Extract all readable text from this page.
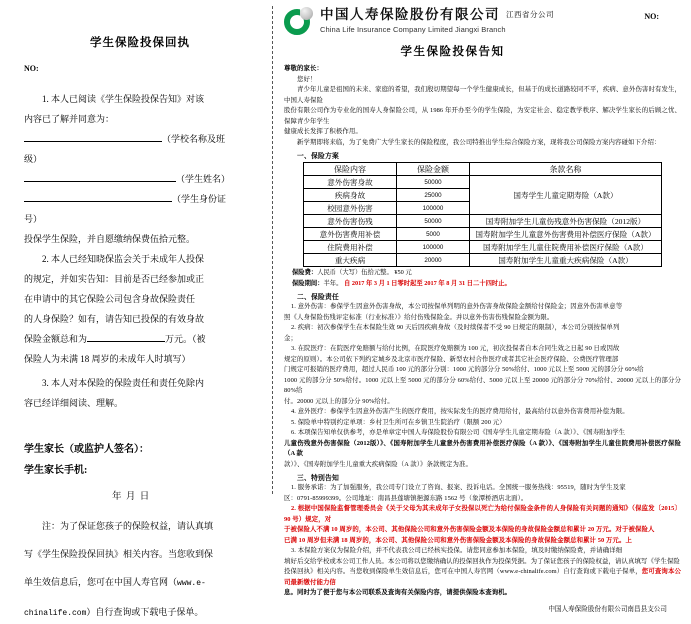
学生保险投保回执
NO:
1. 本人已阅读《学生保险投保告知》对该
内容已了解并同意为：
（学校名称及班
级）
（学生姓名）
（学生身份证
号）
投保学生保险，并自愿缴纳保费伍拾元整。
2. 本人已经知晓保监会关于未成年人投保
的规定，并如实告知：目前是否已经参加或正
在申请中的其它保险公司包含身故保险责任
的人身保险？如有，请告知已投保的有效身故
保险金额总和为	万元。（被
保险人为未满 18 周岁的未成年人时填写）
3. 本人对本保险的保险责任和责任免除内
容已经详细阅读、理解。
学生家长（或监护人签名）：
学生家长手机:
年 月 日
注：为了保证您孩子的保险权益，请认真填
写《学生保险投保回执》相关内容。当您收到保
单生效信息后，您可在中国人寿官网（www.e-
chinalife.com）自行查询或下载电子保单。
中国人寿保险股份有限公司 江西省分公司
China Life Insurance Company Limited Jiangxi Branch
NO:
学生保险投保告知
尊敬的家长：
您好！
青少年儿童是祖国的未来、家庭的希望，我们殷切期望每一个学生健康成长，但基于的成长道路较同不平，疾病、意外伤害时有发生，中国人寿保险
股份有限公司作为专业化的国寿人身保险公司，从 1986 年开办至今的学生保险，为安定社会、稳定教学秩序、解决学生家长的后顾之忧、保障青少年学生
健康成长发挥了积极作用。
新学期即将来临，为了免费广大学生家长的保险程度，我公司特推出学生综合保险方案，现将我公司保险方案内容碰如下介绍：
一、保险方案
保险内容	保险金额	条款名称
意外伤害身故	50000	国寿学生儿童定期寿险（A款）
疾病身故	25000	
校园意外伤害	100000	
意外伤害伤残	50000	国寿附加学生儿童伤残意外伤害保险（2012版）
意外伤害费用补偿	5000	国寿附加学生儿童意外伤害费用补偿医疗保险（A款）
住院费用补偿	100000	国寿附加学生儿童住院费用补偿医疗保险（A款）
重大疾病	20000	国寿附加学生儿童重大疾病保险（A款）
保险费：人民币（大写）伍拾元整。 ¥50 元
保险期间：半年。 自 2017 年 3 月 1 日零时起至 2017 年 8 月 31 日二十四时止。
二、保险责任
1. 意外伤害：参保学生因意外伤害身故，本公司按保单列明的意外伤害身故保险金额给付保险金；因意外伤害单意等
照《人身保险伤残评定标准（行业标准）》给付伤残保险金。并以意外伤害伤残保险金额为限。
2. 疾病：初次参保学生在本保险生效 90 天后因疾病身故（及时续保者不受 90 日规定的限制），本公司分别按保单列
金；
3. 在院医疗：在院医疗免赔额与给付比例，在院医疗免赔额为 100 元，初次投保者自本合同生效之日起 90 日或因故
规定的原则）。本公司依下列约定城乡及北京市医疗保险、新型农村合作医疗或者其它社会医疗保险、公费医疗管理部
门规定可报销的医疗费用，超过人民币 100 元的部分分别：1000 元的部分分 50%给付、1000 元以上至 5000 元的部分分 60%给
1000 元的部分分 50%给付。1000 元以上至 5000 元的部分分 60%给付、5000 元以上至 20000 元的部分分 70%给付、20000 元以上的部分分 80%给
付。20000 元以上的部分分 90%给付。
4. 意外医疗：参保学生因意外伤害产生的医疗费用，按实际发生的医疗费用给付，最高给付以意外伤害费用补偿为限。
5. 保险单中特别约定单项：乡村卫生所可在乡镇卫生院治疗（限额 200 元）
6. 本项保告知单仅供参考，亦是单章定中国人寿保险股份有限公司《国寿学生儿童定期寿险（A 款）》、《国寿附加学生
儿童伤残意外伤害保险（2012版）》、《国寿附加学生儿童意外伤害费用补偿医疗保险（A 款）》、《国寿附加学生儿童住院费用补偿医疗保险（A 款
款）》、《国寿附加学生儿童重大疾病保险（A 款）》条款规定为准。
三、特别告知
1. 服务承诺：为了加强服务，我公司专门设立了咨询、报案、投诉电话。全国统一服务热线：95519，随时为学生及家
区：0791-85999399。公司地址：南昌县莲塘镇挹源东路 1562 号（象潭桥酒店北面）。
2. 根据中国保险监督管理委员会《关于父母为其未成年子女投保以死亡为给付保险金条件的人身保险有关问题的通知》（保监发〔2015〕90 号）规定，对
于被保险人不满 10 周岁的，本公司、其他保险公司和意外伤害保险金额及本保险的身故保险金额总和累计 20 万元。对于被保险人
已满 10 周岁但未满 18 周岁的，本公司、其他保险公司和意外伤害保险金额及本保险的身故保险金额总和累计 50 万元。上
3. 本保险方案仅为保险介绍，并不代表我公司已经核实投保。请您同意参加本保险，填及时缴纳保险费，并请确详细
填好后交给学校或本公司工作人员。本公司将以您缴纳确认的投保回执作为投保凭据。为了保证您孩子的保险权益，请认真填写《学生保险
投保回执》相关内容。当您收到保险单生效信息后，您可在中国人寿官网（www.e-chinalife.com）自行查询或下载电子保单，您可查询本公司最新缴付能力信
息。同时为了便于您与本公司联系及查询有关保险内容，请提供保险本查询机。
中国人寿保险股份有限公司南昌县支公司
